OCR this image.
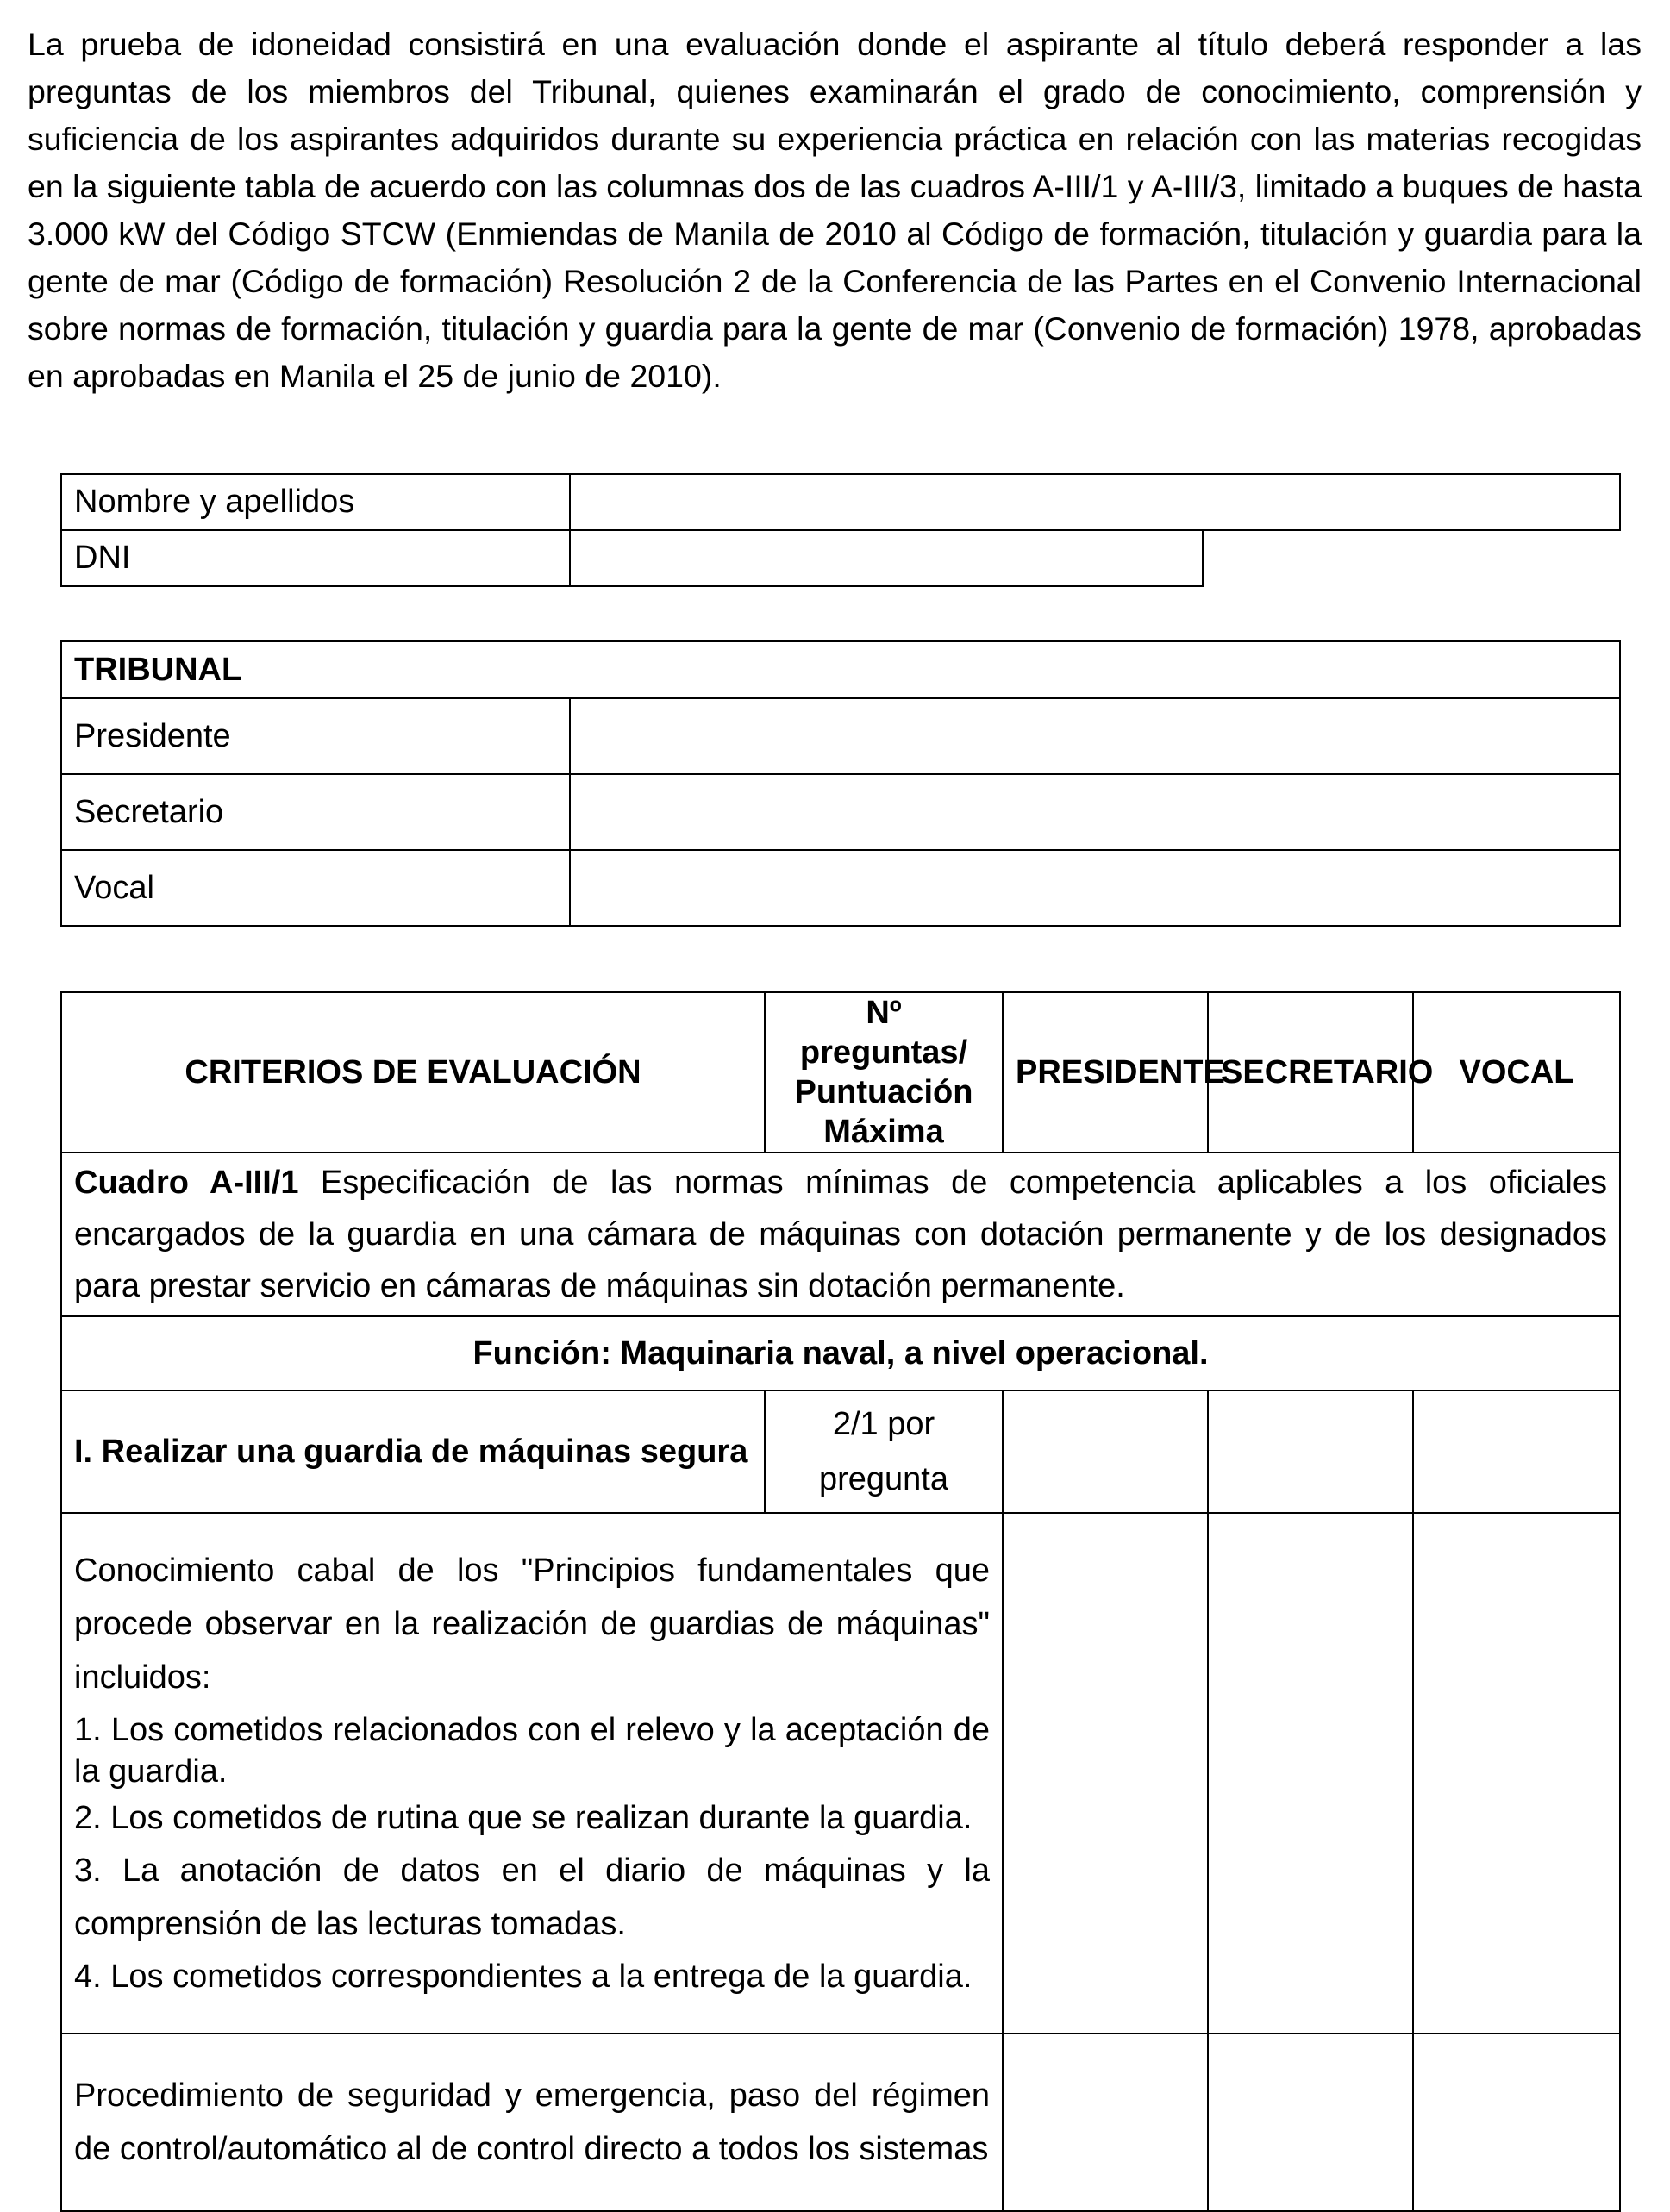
La prueba de idoneidad consistirá en una evaluación donde el aspirante al título deberá responder a las preguntas de los miembros del Tribunal, quienes examinarán el grado de conocimiento, comprensión y suficiencia de los aspirantes adquiridos durante su experiencia práctica en relación con las materias recogidas en la siguiente tabla de acuerdo con las columnas dos de las cuadros A-III/1 y A-III/3, limitado a buques de hasta 3.000 kW del Código STCW (Enmiendas de Manila de 2010 al Código de formación, titulación y guardia para la gente de mar (Código de formación) Resolución 2 de la Conferencia de las Partes en el Convenio Internacional sobre normas de formación, titulación y guardia para la gente de mar (Convenio de formación) 1978, aprobadas en aprobadas en Manila el 25 de junio de 2010).

Nombre y apellidos		
DNI		
TRIBUNAL	
Presidente	
Secretario	
Vocal	
CRITERIOS DE EVALUACIÓN	Nº preguntas/
Puntuación
Máxima	PRESIDENTE	SECRETARIO	VOCAL
Cuadro A-III/1 Especificación de las normas mínimas de competencia aplicables a los oficiales encargados de la guardia en una cámara de máquinas con dotación permanente y de los designados para prestar servicio en cámaras de máquinas sin dotación permanente.				
Función: Maquinaria naval, a nivel operacional.				
I. Realizar una guardia de máquinas segura	2/1 por
pregunta			

Conocimiento cabal de los "Principios fundamentales que procede observar en la realización de guardias de máquinas" incluidos:

1. Los cometidos relacionados con el relevo y la aceptación de la guardia.

2. Los cometidos de rutina que se realizan durante la guardia.

3. La anotación de datos en el diario de máquinas y la comprensión de las lecturas tomadas.

4. Los cometidos correspondientes a la entrega de la guardia.				

Procedimiento de seguridad y emergencia, paso del régimen de control/automático al de control directo a todos los sistemas				
